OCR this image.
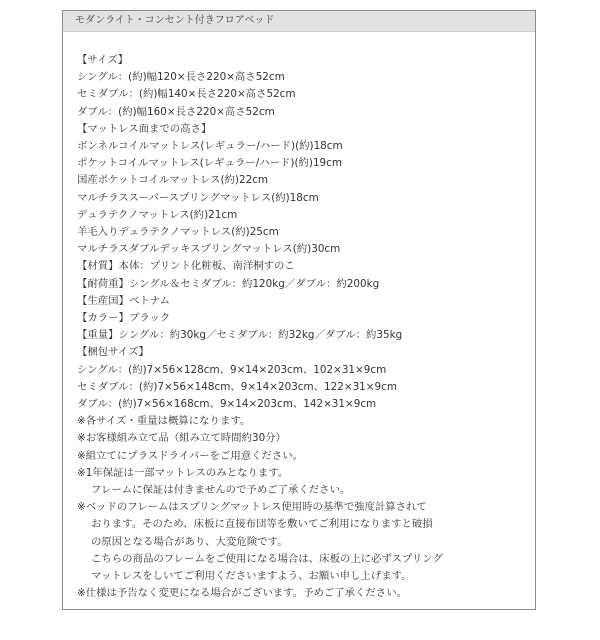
モダンライト・コンセント付きフロアベッド
【サイズ】
シングル：(約)幅120×長さ220×高さ52cm
セミダブル：(約)幅140×長さ220×高さ52cm
ダブル：(約)幅160×長さ220×高さ52cm
【マットレス面までの高さ】
ボンネルコイルマットレス(レギュラー/ハード)(約)18cm
ポケットコイルマットレス(レギュラー/ハード)(約)19cm
国産ポケットコイルマットレス(約)22cm
マルチラススーパースプリングマットレス(約)18cm
デュラテクノマットレス(約)21cm
羊毛入りデュラテクノマットレス(約)25cm
マルチラスダブルデッキスプリングマットレス(約)30cm
【材質】本体：プリント化粧板、南洋桐すのこ
【耐荷重】シングル＆セミダブル：約120kg／ダブル：約200kg
【生産国】ベトナム
【カラー】ブラック
【重量】シングル：約30kg／セミダブル：約32kg／ダブル：約35kg
【梱包サイズ】
シングル：(約)7×56×128cm、9×14×203cm、102×31×9cm
セミダブル：(約)7×56×148cm、9×14×203cm、122×31×9cm
ダブル：(約)7×56×168cm、9×14×203cm、142×31×9cm
※各サイズ・重量は概算になります。
※お客様組み立て品（組み立て時間約30分）
※組立てにプラスドライバーをご用意ください。
※1年保証は一部マットレスのみとなります。
フレームに保証は付きませんので予めご了承ください。
※ベッドのフレームはスプリングマットレス使用時の基準で強度計算されて
おります。そのため、床板に直接布団等を敷いてご利用になりますと破損
の原因となる場合があり、大変危険です。
こちらの商品のフレームをご使用になる場合は、床板の上に必ずスプリング
マットレスをしいてご利用くださいますよう、お願い申し上げます。
※仕様は予告なく変更になる場合がございます。予めご了承ください。
